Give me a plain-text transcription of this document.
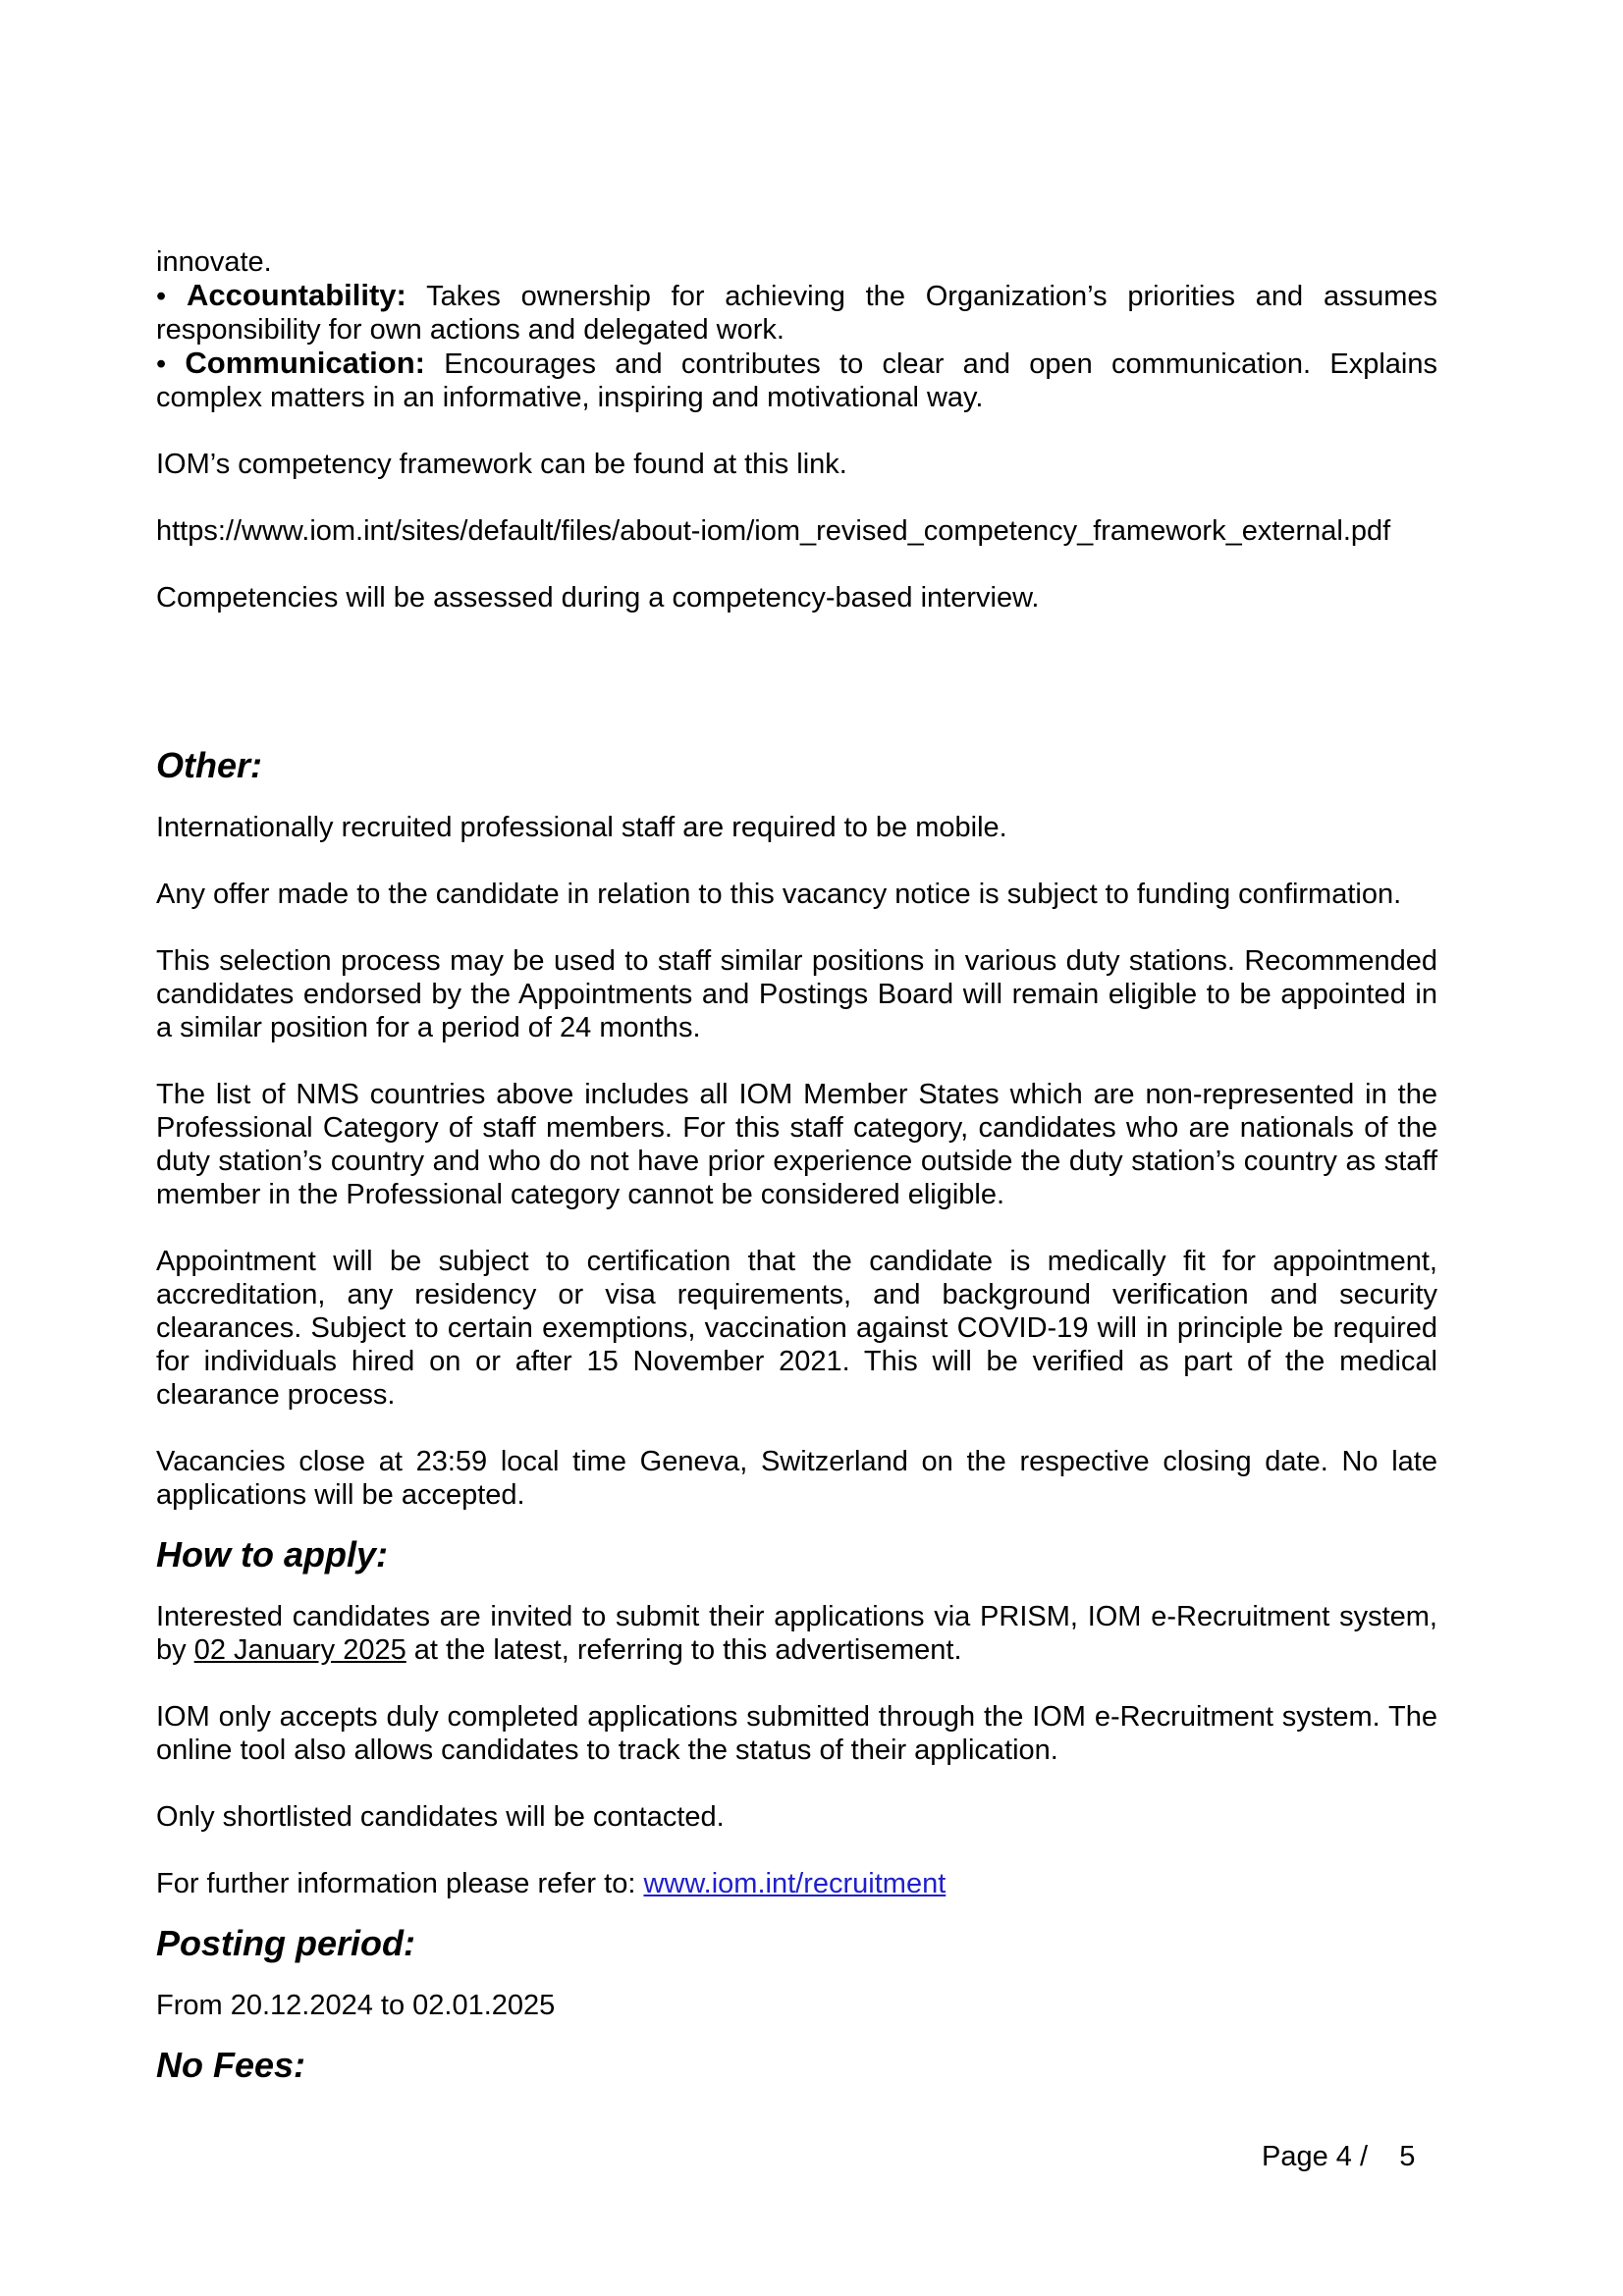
innovate.

• Accountability: Takes ownership for achieving the Organization’s priorities and assumes responsibility for own actions and delegated work.

• Communication: Encourages and contributes to clear and open communication. Explains complex matters in an informative, inspiring and motivational way.

IOM’s competency framework can be found at this link.

https://www.iom.int/sites/default/files/about-iom/iom_revised_competency_framework_external.pdf

Competencies will be assessed during a competency-based interview.

Other:

Internationally recruited professional staff are required to be mobile.

Any offer made to the candidate in relation to this vacancy notice is subject to funding confirmation.

This selection process may be used to staff similar positions in various duty stations. Recommended candidates endorsed by the Appointments and Postings Board will remain eligible to be appointed in a similar position for a period of 24 months.

The list of NMS countries above includes all IOM Member States which are non-represented in the Professional Category of staff members. For this staff category, candidates who are nationals of the duty station’s country and who do not have prior experience outside the duty station’s country as staff member in the Professional category cannot be considered eligible.

Appointment will be subject to certification that the candidate is medically fit for appointment, accreditation, any residency or visa requirements, and background verification and security clearances. Subject to certain exemptions, vaccination against COVID-19 will in principle be required for individuals hired on or after 15 November 2021. This will be verified as part of the medical clearance process.

Vacancies close at 23:59 local time Geneva, Switzerland on the respective closing date. No late applications will be accepted.

How to apply:

Interested candidates are invited to submit their applications via PRISM, IOM e-Recruitment system, by 02 January 2025 at the latest, referring to this advertisement.

IOM only accepts duly completed applications submitted through the IOM e-Recruitment system. The online tool also allows candidates to track the status of their application.

Only shortlisted candidates will be contacted.

For further information please refer to: www.iom.int/recruitment

Posting period:

From 20.12.2024 to 02.01.2025

No Fees:
Page 4 /    5
